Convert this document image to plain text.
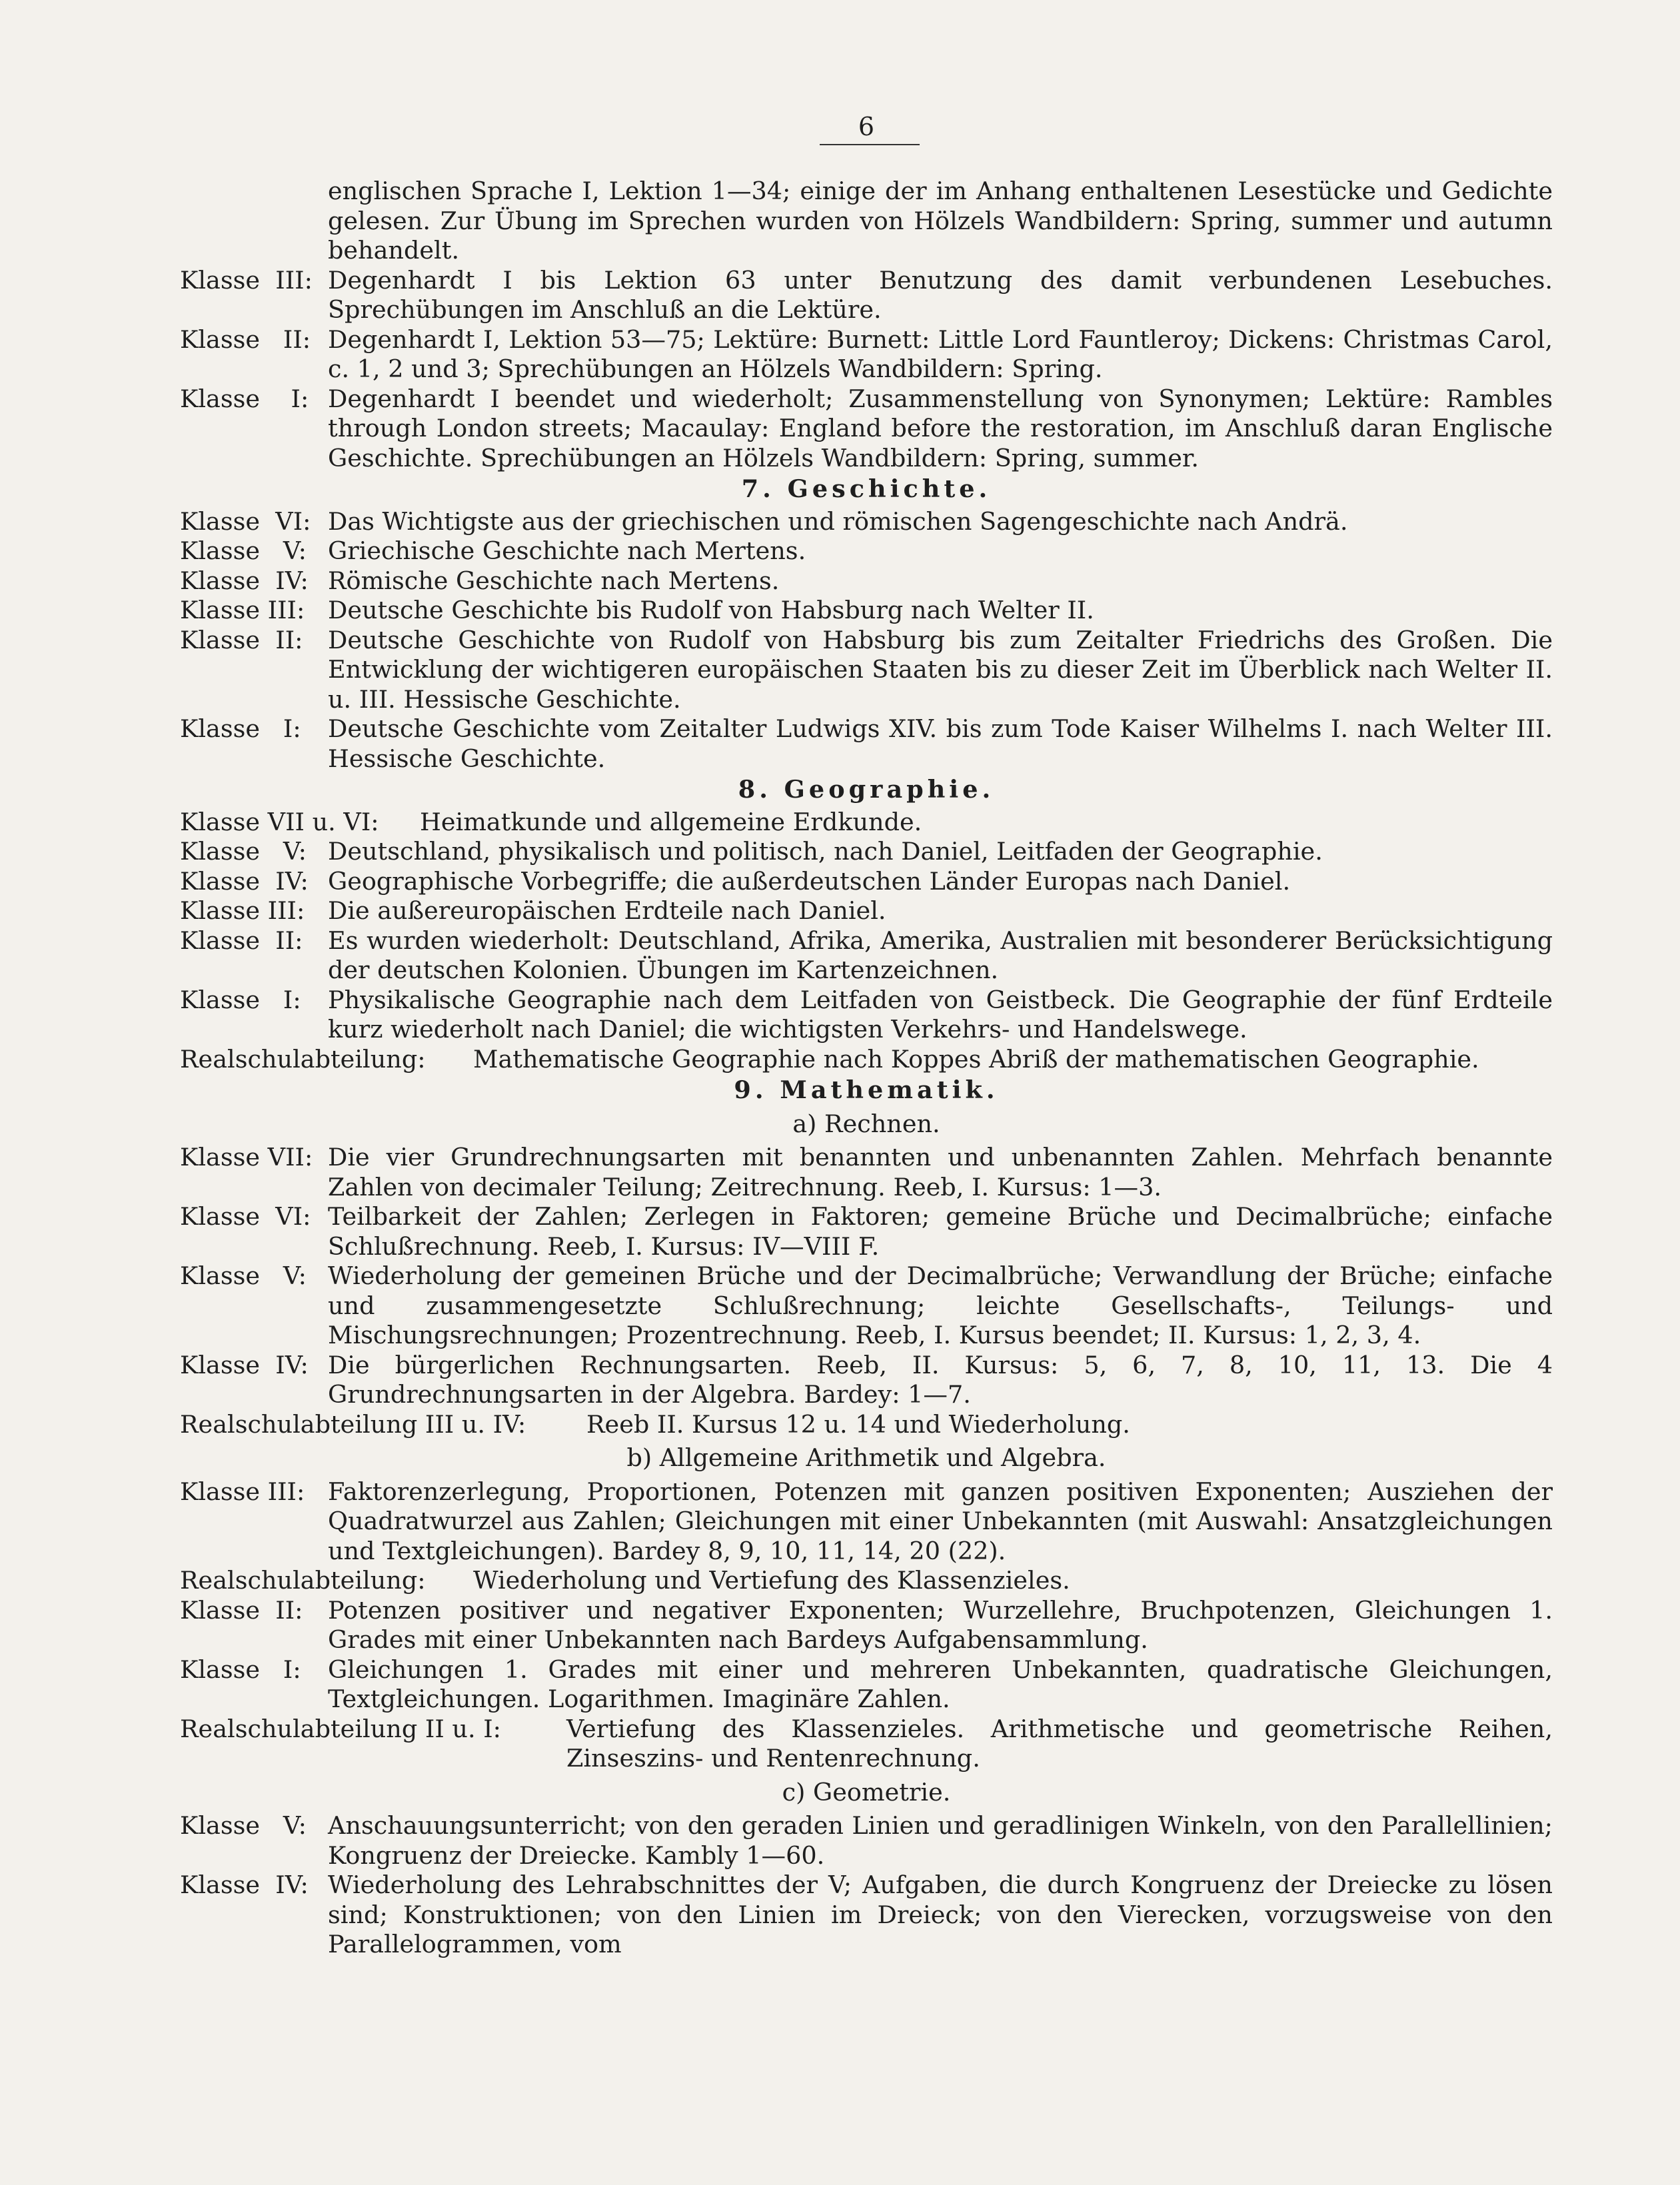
6
englischen Sprache I, Lektion 1—34; einige der im Anhang enthaltenen Lesestücke und Gedichte gelesen. Zur Übung im Sprechen wurden von Hölzels Wandbildern: Spring, summer und autumn behandelt.
Klasse  III: Degenhardt I bis Lektion 63 unter Benutzung des damit verbundenen Lesebuches. Sprechübungen im Anschluß an die Lektüre.
Klasse   II: Degenhardt I, Lektion 53—75; Lektüre: Burnett: Little Lord Fauntleroy; Dickens: Christmas Carol, c. 1, 2 und 3; Sprechübungen an Hölzels Wandbildern: Spring.
Klasse    I: Degenhardt I beendet und wiederholt; Zusammenstellung von Synonymen; Lektüre: Rambles through London streets; Macaulay: England before the restoration, im Anschluß daran Englische Geschichte. Sprechübungen an Hölzels Wandbildern: Spring, summer.
7. Geschichte.
Klasse  VI: Das Wichtigste aus der griechischen und römischen Sagengeschichte nach Andrä.
Klasse   V: Griechische Geschichte nach Mertens.
Klasse  IV: Römische Geschichte nach Mertens.
Klasse III: Deutsche Geschichte bis Rudolf von Habsburg nach Welter II.
Klasse  II:	Deutsche Geschichte von Rudolf von Habsburg bis zum Zeitalter Friedrichs des Großen. Die Entwicklung der wichtigeren europäischen Staaten bis zu dieser Zeit im Überblick nach Welter II. u. III. Hessische Geschichte.
Klasse   I:	Deutsche Geschichte vom Zeitalter Ludwigs XIV. bis zum Tode Kaiser Wilhelms I. nach Welter III. Hessische Geschichte.
8. Geographie.
Klasse VII u. VI:	Heimatkunde und allgemeine Erdkunde.
Klasse   V: Deutschland, physikalisch und politisch, nach Daniel, Leitfaden der Geographie.
Klasse  IV: Geographische Vorbegriffe; die außerdeutschen Länder Europas nach Daniel.
Klasse III: Die außereuropäischen Erdteile nach Daniel.
Klasse  II:	Es wurden wiederholt: Deutschland, Afrika, Amerika, Australien mit besonderer Berücksichtigung der deutschen Kolonien. Übungen im Kartenzeichnen.
Klasse   I:	Physikalische Geographie nach dem Leitfaden von Geistbeck. Die Geographie der fünf Erdteile kurz wiederholt nach Daniel; die wichtigsten Verkehrs- und Handelswege.
Realschulabteilung:	Mathematische Geographie nach Koppes Abriß der mathematischen Geographie.
9. Mathematik.
a) Rechnen.
Klasse VII: Die vier Grundrechnungsarten mit benannten und unbenannten Zahlen. Mehrfach benannte Zahlen von decimaler Teilung; Zeitrechnung. Reeb, I. Kursus: 1—3.
Klasse  VI: Teilbarkeit der Zahlen; Zerlegen in Faktoren; gemeine Brüche und Decimalbrüche; einfache Schlußrechnung. Reeb, I. Kursus: IV—VIII F.
Klasse   V: Wiederholung der gemeinen Brüche und der Decimalbrüche; Verwandlung der Brüche; einfache und zusammengesetzte Schlußrechnung; leichte Gesellschafts-, Teilungs- und Mischungsrechnungen; Prozentrechnung. Reeb, I. Kursus beendet; II. Kursus: 1, 2, 3, 4.
Klasse  IV: Die bürgerlichen Rechnungsarten. Reeb, II. Kursus: 5, 6, 7, 8, 10, 11, 13. Die 4 Grundrechnungsarten in der Algebra. Bardey: 1—7.
Realschulabteilung III u. IV:	Reeb II. Kursus 12 u. 14 und Wiederholung.
b) Allgemeine Arithmetik und Algebra.
Klasse III: Faktorenzerlegung, Proportionen, Potenzen mit ganzen positiven Exponenten; Ausziehen der Quadratwurzel aus Zahlen; Gleichungen mit einer Unbekannten (mit Auswahl: Ansatzgleichungen und Textgleichungen). Bardey 8, 9, 10, 11, 14, 20 (22).
Realschulabteilung:	Wiederholung und Vertiefung des Klassenzieles.
Klasse  II:	Potenzen positiver und negativer Exponenten; Wurzellehre, Bruchpotenzen, Gleichungen 1. Grades mit einer Unbekannten nach Bardeys Aufgabensammlung.
Klasse   I:	Gleichungen 1. Grades mit einer und mehreren Unbekannten, quadratische Gleichungen, Textgleichungen. Logarithmen. Imaginäre Zahlen.
Realschulabteilung II u. I:	Vertiefung des Klassenzieles. Arithmetische und geometrische Reihen, Zinseszins- und Rentenrechnung.
c) Geometrie.
Klasse   V: Anschauungsunterricht; von den geraden Linien und geradlinigen Winkeln, von den Parallellinien; Kongruenz der Dreiecke. Kambly 1—60.
Klasse  IV: Wiederholung des Lehrabschnittes der V; Aufgaben, die durch Kongruenz der Dreiecke zu lösen sind; Konstruktionen; von den Linien im Dreieck; von den Vierecken, vorzugsweise von den Parallelogrammen, vom
